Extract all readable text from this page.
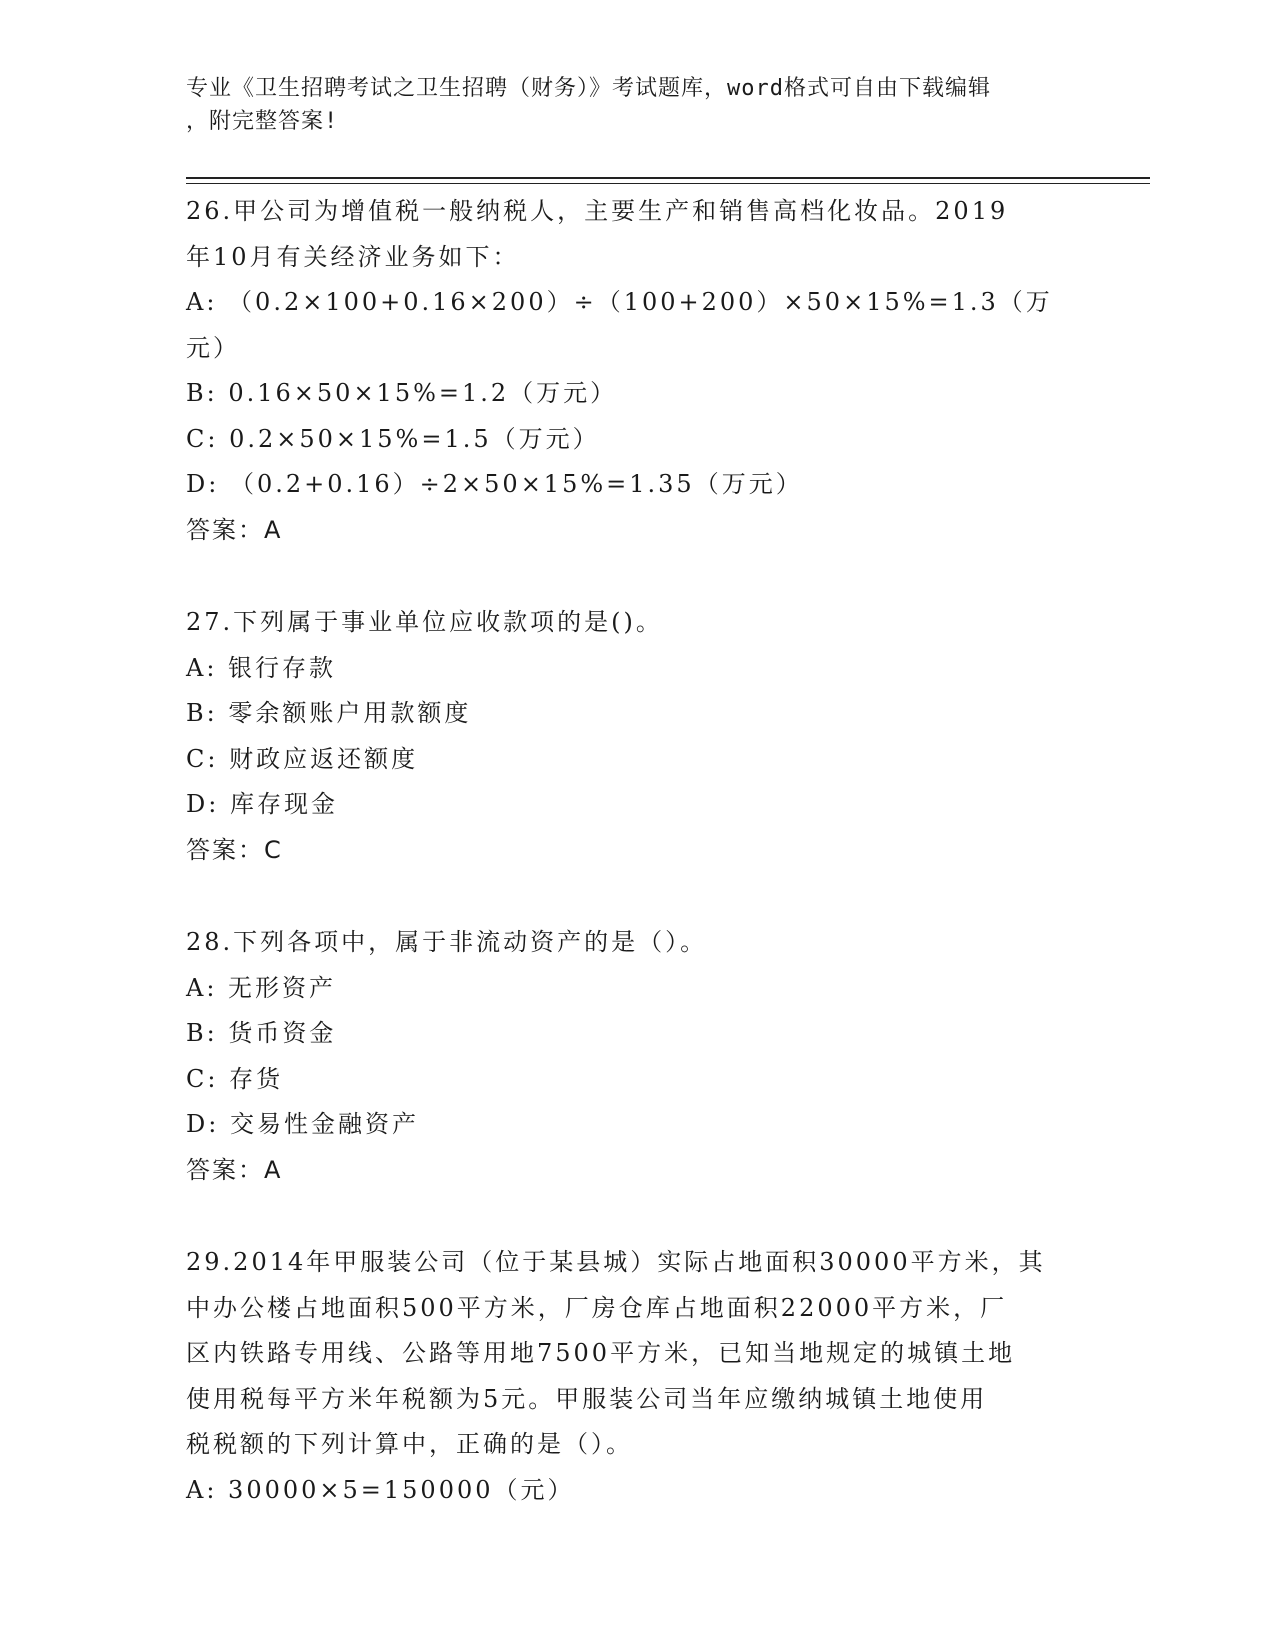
专业《卫生招聘考试之卫生招聘（财务）》考试题库，word格式可自由下载编辑
，附完整答案!
26.甲公司为增值税一般纳税人，主要生产和销售高档化妆品。2019
年10月有关经济业务如下：
A: （0.2×100+0.16×200）÷（100+200）×50×15%=1.3（万元）
B: 0.16×50×15%=1.2（万元）
C: 0.2×50×15%=1.5（万元）
D: （0.2+0.16）÷2×50×15%=1.35（万元）
答案：A
27.下列属于事业单位应收款项的是()。
A: 银行存款
B: 零余额账户用款额度
C: 财政应返还额度
D: 库存现金
答案：C
28.下列各项中，属于非流动资产的是（）。
A: 无形资产
B: 货币资金
C: 存货
D: 交易性金融资产
答案：A
29.2014年甲服装公司（位于某县城）实际占地面积30000平方米，其
中办公楼占地面积500平方米，厂房仓库占地面积22000平方米，厂
区内铁路专用线、公路等用地7500平方米，已知当地规定的城镇土地
使用税每平方米年税额为5元。甲服装公司当年应缴纳城镇土地使用
税税额的下列计算中，正确的是（）。
A: 30000×5=150000（元）
